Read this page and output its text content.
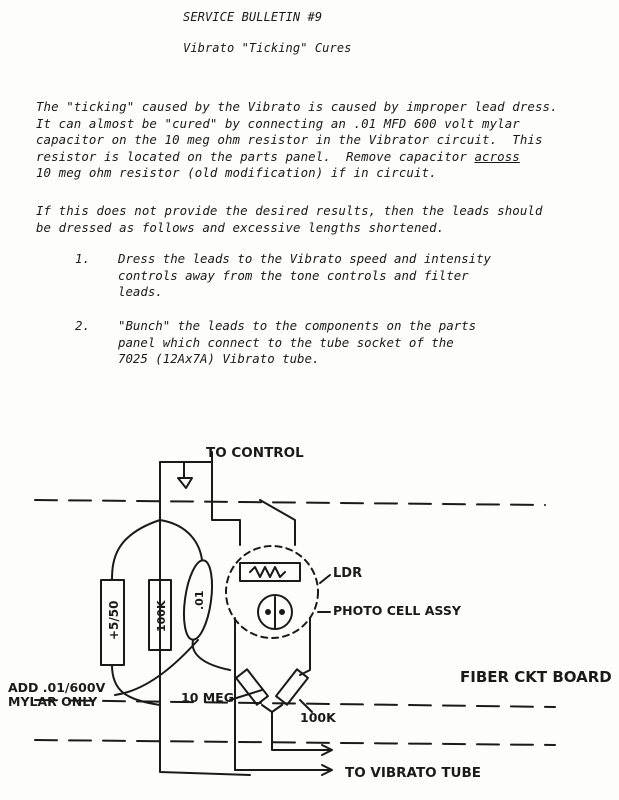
SERVICE BULLETIN #9
Vibrato "Ticking" Cures
The "ticking" caused by the Vibrato is caused by improper lead dress.
It can almost be "cured" by connecting an .01 MFD 600 volt mylar
capacitor on the 10 meg ohm resistor in the Vibrator circuit.  This
resistor is located on the parts panel.  Remove capacitor across
10 meg ohm resistor (old modification) if in circuit.
If this does not provide the desired results, then the leads should
be dressed as follows and excessive lengths shortened.
1. Dress the leads to the Vibrato speed and intensity
controls away from the tone controls and filter
leads.
2. "Bunch" the leads to the components on the parts
panel which connect to the tube socket of the
7025 (12Ax7A) Vibrato tube.
TO CONTROL
LDR
PHOTO CELL ASSY
FIBER CKT BOARD
10 MEG
100K
TO VIBRATO TUBE
+5/50	100K
.01
ADD .01/600V
MYLAR ONLY
